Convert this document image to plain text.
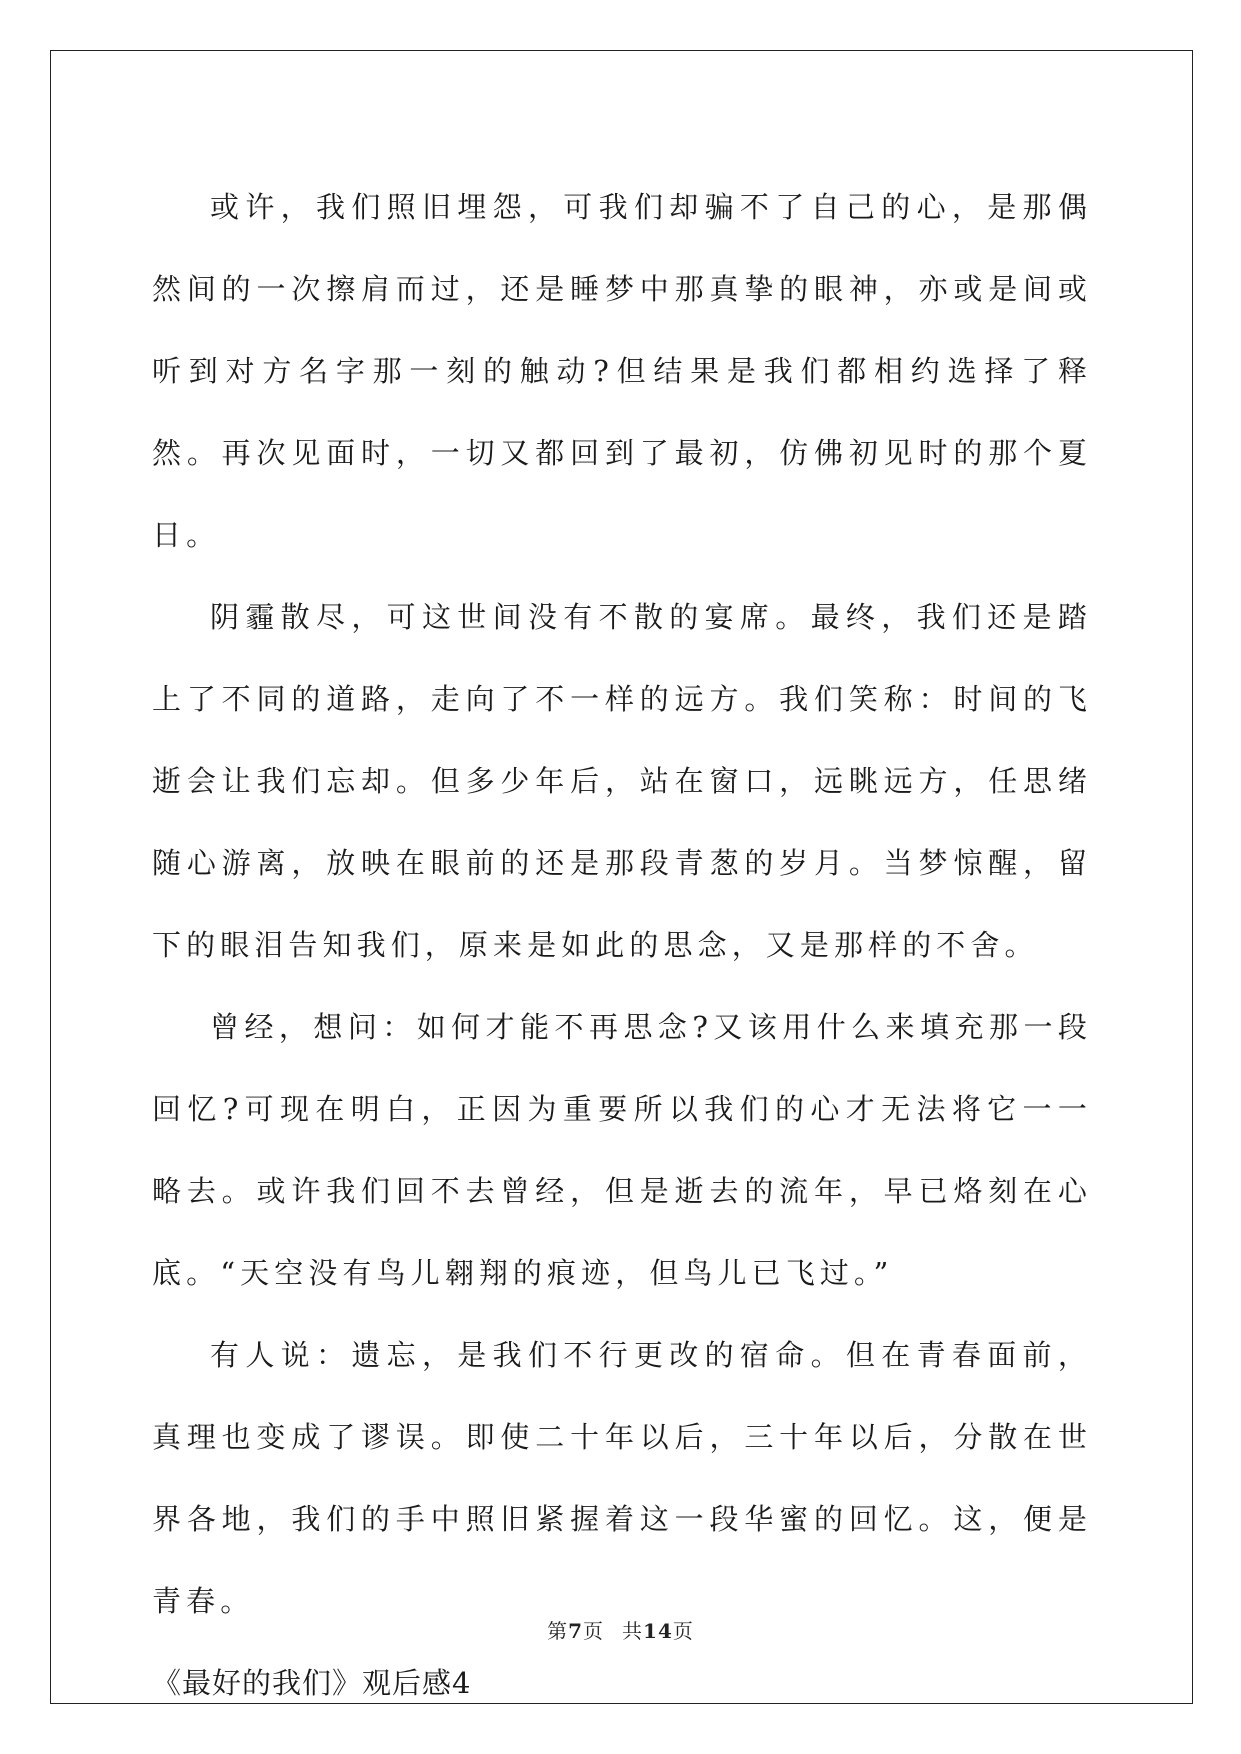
或许，我们照旧埋怨，可我们却骗不了自己的心，是那偶然间的一次擦肩而过，还是睡梦中那真挚的眼神，亦或是间或听到对方名字那一刻的触动?但结果是我们都相约选择了释然。再次见面时，一切又都回到了最初，仿佛初见时的那个夏日。

阴霾散尽，可这世间没有不散的宴席。最终，我们还是踏上了不同的道路，走向了不一样的远方。我们笑称：时间的飞逝会让我们忘却。但多少年后，站在窗口，远眺远方，任思绪随心游离，放映在眼前的还是那段青葱的岁月。当梦惊醒，留下的眼泪告知我们，原来是如此的思念，又是那样的不舍。

曾经，想问：如何才能不再思念?又该用什么来填充那一段回忆?可现在明白，正因为重要所以我们的心才无法将它一一略去。或许我们回不去曾经，但是逝去的流年，早已烙刻在心底。“天空没有鸟儿翱翔的痕迹，但鸟儿已飞过。”

有人说：遗忘，是我们不行更改的宿命。但在青春面前，真理也变成了谬误。即使二十年以后，三十年以后，分散在世界各地，我们的手中照旧紧握着这一段华蜜的回忆。这，便是青春。

《最好的我们》观后感4

第7页 共14页
